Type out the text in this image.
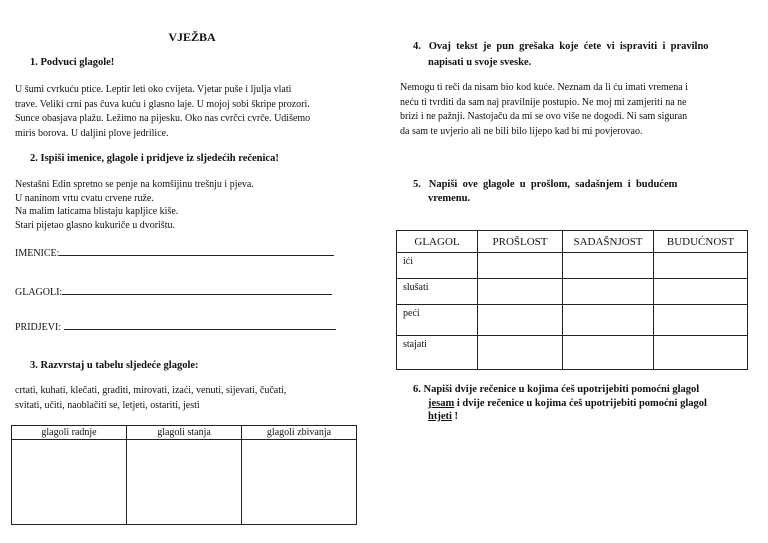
VJEŽBA
1. Podvuci glagole!
U šumi cvrkuću ptice. Leptir leti oko cvijeta. Vjetar puše i ljulja vlati
trave. Veliki crni pas čuva kuću i glasno laje. U mojoj sobi škripe prozori.
Sunce obasjava plažu. Ležimo na pijesku. Oko nas cvrčci cvrče. Udišemo
miris borova. U daljini plove jedrilice.
2. Ispiši imenice, glagole i pridjeve iz sljedećih rečenica!
Nestašni Edin spretno se penje na komšijinu trešnju i pjeva.
U naninom vrtu cvatu crvene ruže.
Na malim laticama blistaju kapljice kiše.
Stari pijetao glasno kukuriče u dvorištu.
IMENICE:
GLAGOLI:
PRIDJEVI:
3. Razvrstaj u tabelu sljedeće glagole:
crtati, kuhati, klečati, graditi, mirovati, izaći, venuti, sijevati, čučati,
svitati, učiti, naoblačiti se, letjeti, ostariti, jesti
glagoli radnje	glagoli stanja	glagoli zbivanja

4.   Ovaj  tekst  je  pun  grešaka  koje  ćete  vi  ispraviti  i  pravilno
napisati u svoje sveske.
Nemogu ti reči da nisam bio kod kuće. Neznam da li ću imati vremena i
neću ti tvrditi da sam naj pravilnije postupio. Ne moj mi zamjeriti na ne
brizi i ne pažnji. Nastojaču da mi se ovo više ne dogodi. Ni sam siguran
da sam te uvjerio ali ne bili bilo lijepo kad bi mi povjerovao.
5.   Napiši  ove  glagole  u  prošlom,  sadašnjem  i  budućem
vremenu.
GLAGOL	PROŠLOST	SADAŠNJOST	BUDUĆNOST
ići			
slušati			
peći			
stajati			
6. Napiši dvije rečenice u kojima ćeš upotrijebiti pomoćni glagol
jesam i dvije rečenice u kojima ćeš upotrijebiti pomoćni glagol
htjeti !
